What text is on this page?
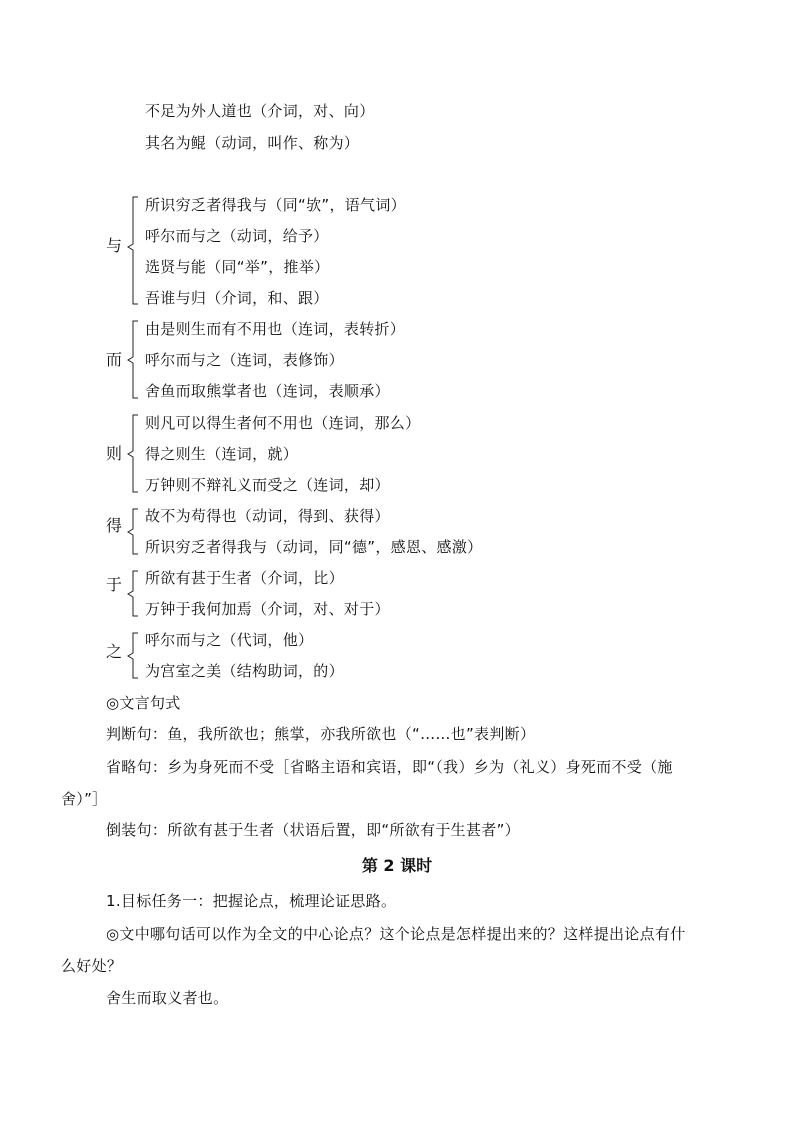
不足为外人道也（介词，对、向）
其名为鲲（动词，叫作、称为）
与
所识穷乏者得我与（同“欤”，语气词）
呼尔而与之（动词，给予）
选贤与能（同“举”，推举）
吾谁与归（介词，和、跟）
而
由是则生而有不用也（连词，表转折）
呼尔而与之（连词，表修饰）
舍鱼而取熊掌者也（连词，表顺承）
则
则凡可以得生者何不用也（连词，那么）
得之则生（连词，就）
万钟则不辩礼义而受之（连词，却）
得 故不为苟得也（动词，得到、获得）
所识穷乏者得我与（动词，同“德”，感恩、感激）
于 所欲有甚于生者（介词，比）
万钟于我何加焉（介词，对、对于）
之
呼尔而与之（代词，他）
为宫室之美（结构助词，的）
◎文言句式
判断句：鱼，我所欲也；熊掌，亦我所欲也（“……也”表判断）
省略句：乡为身死而不受［省略主语和宾语，即“（我）乡为（礼义）身死而不受（施
舍）”］
倒装句：所欲有甚于生者（状语后置，即“所欲有于生甚者”）
第 2 课时
1.目标任务一：把握论点，梳理论证思路。
◎文中哪句话可以作为全文的中心论点？这个论点是怎样提出来的？这样提出论点有什
么好处？
舍生而取义者也。
